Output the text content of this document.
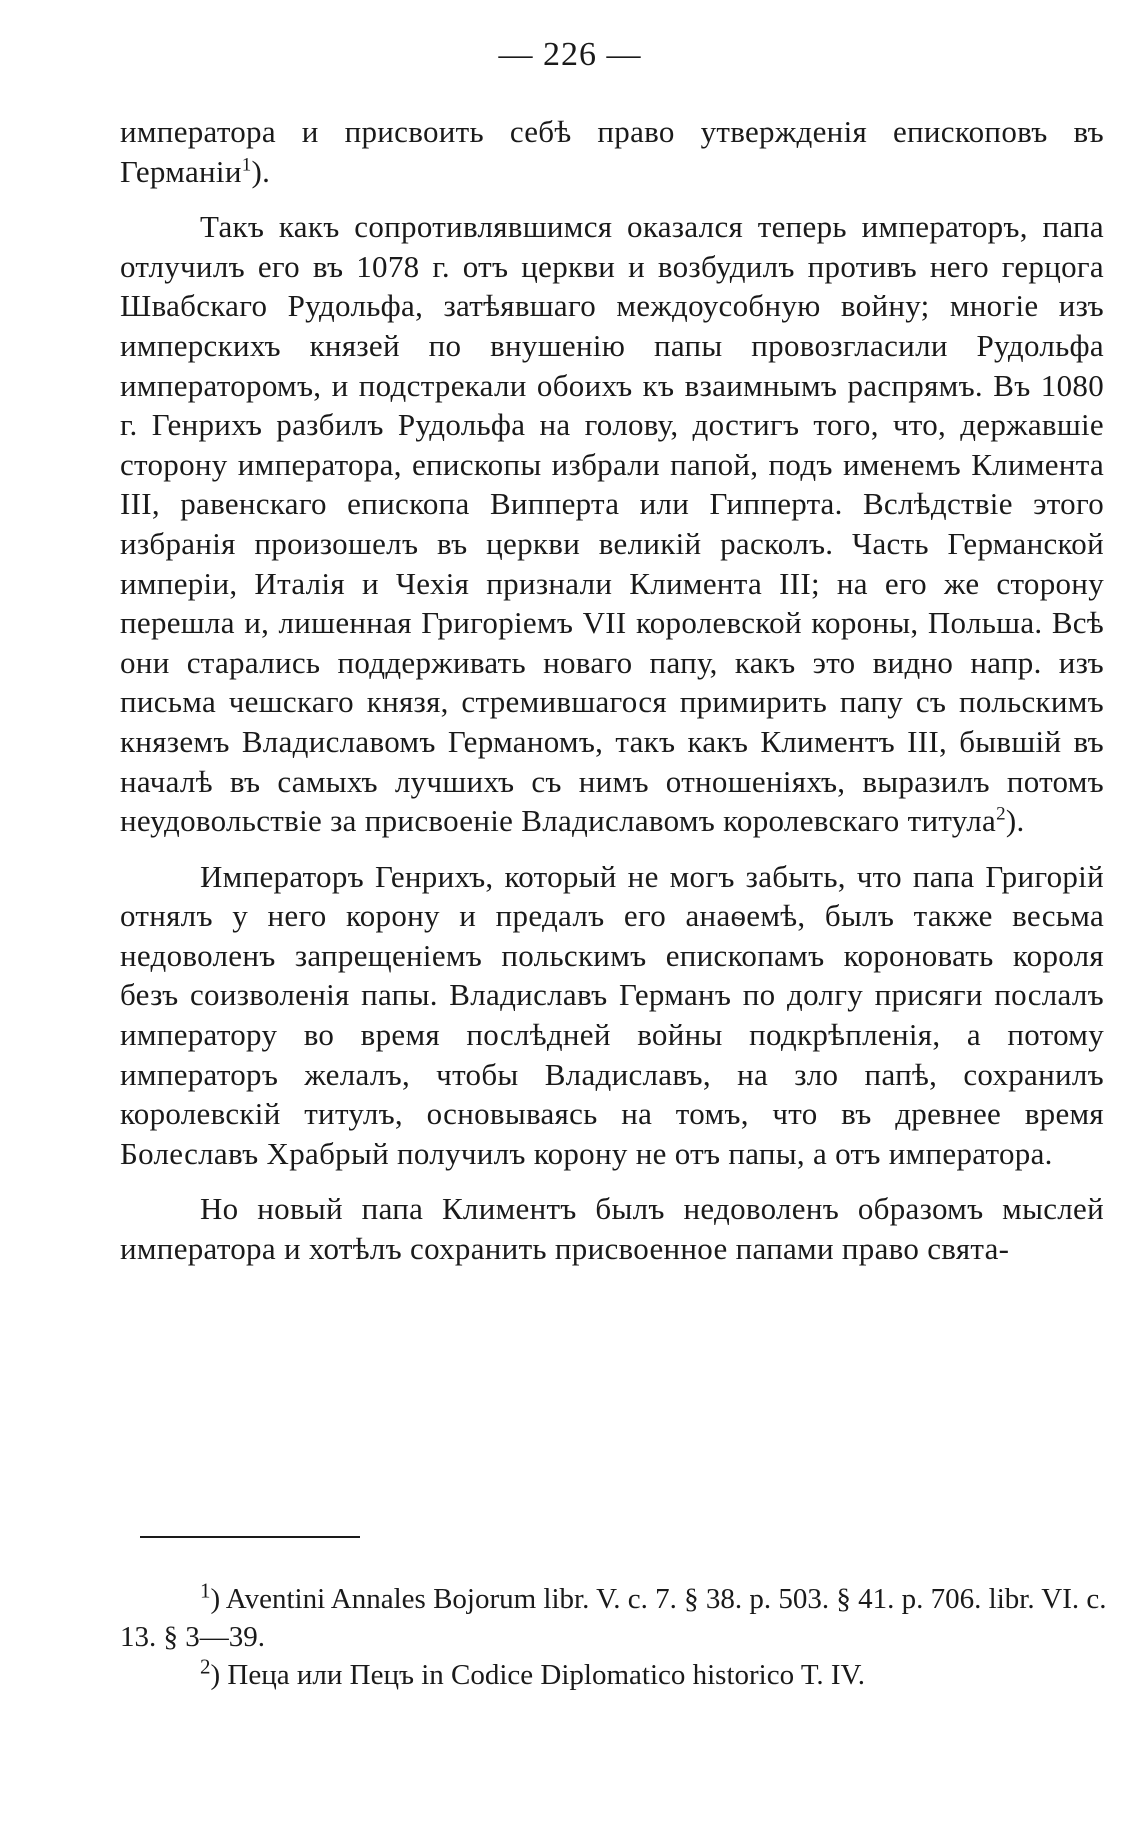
— 226 —

императора и присвоить себѣ право утвержденія епископовъ въ Германіи$^1$).

Такъ какъ сопротивлявшимся оказался теперь императоръ, папа отлучилъ его въ 1078 г. отъ церкви и возбудилъ противъ него герцога Швабскаго Рудольфа, затѣявшаго междоусобную войну; многіе изъ имперскихъ князей по внушенію папы провозгласили Рудольфа императоромъ, и подстрекали обоихъ къ взаимнымъ распрямъ. Въ 1080 г. Генрихъ разбилъ Рудольфа на голову, достигъ того, что, державшіе сторону императора, епископы избрали папой, подъ именемъ Климента III, равенскаго епископа Випперта или Гиппертa. Вслѣдствіе этого избранія произошелъ въ церкви великій расколъ. Часть Германской имперіи, Италія и Чехія признали Климента III; на его же сторону перешла и, лишенная Григоріемъ VII королевской короны, Польша. Всѣ они старались поддерживать новаго папу, какъ это видно напр. изъ письма чешскаго князя, стремившагося примирить папу съ польскимъ княземъ Владиславомъ Германомъ, такъ какъ Климентъ III, бывшій въ началѣ въ самыхъ лучшихъ съ нимъ отношеніяхъ, выразилъ потомъ неудовольствіе за присвоеніе Владиславомъ королевскаго титула$^2$).

Императоръ Генрихъ, который не могъ забыть, что папа Григорій отнялъ у него корону и предалъ его анаѳемѣ, былъ также весьма недоволенъ запрещеніемъ польскимъ епископамъ короновать короля безъ соизволенія папы. Владиславъ Германъ по долгу присяги послалъ императору во время послѣдней войны подкрѣпленія, а потому императоръ желалъ, чтобы Владиславъ, на зло папѣ, сохранилъ королевскій титулъ, основываясь на томъ, что въ древнее время Болеславъ Храбрый получилъ корону не отъ папы, а отъ императора.

Но новый папа Климентъ былъ недоволенъ образомъ мыслей императора и хотѣлъ сохранить присвоенное папами право свята-

$^1$) Aventini Annales Bojorum libr. V. c. 7. § 38. p. 503. § 41. p. 706. libr. VI. c. 13. § 3—39.

$^2$) Пеца или Пецъ in Codice Diplomatico historico T. IV.
